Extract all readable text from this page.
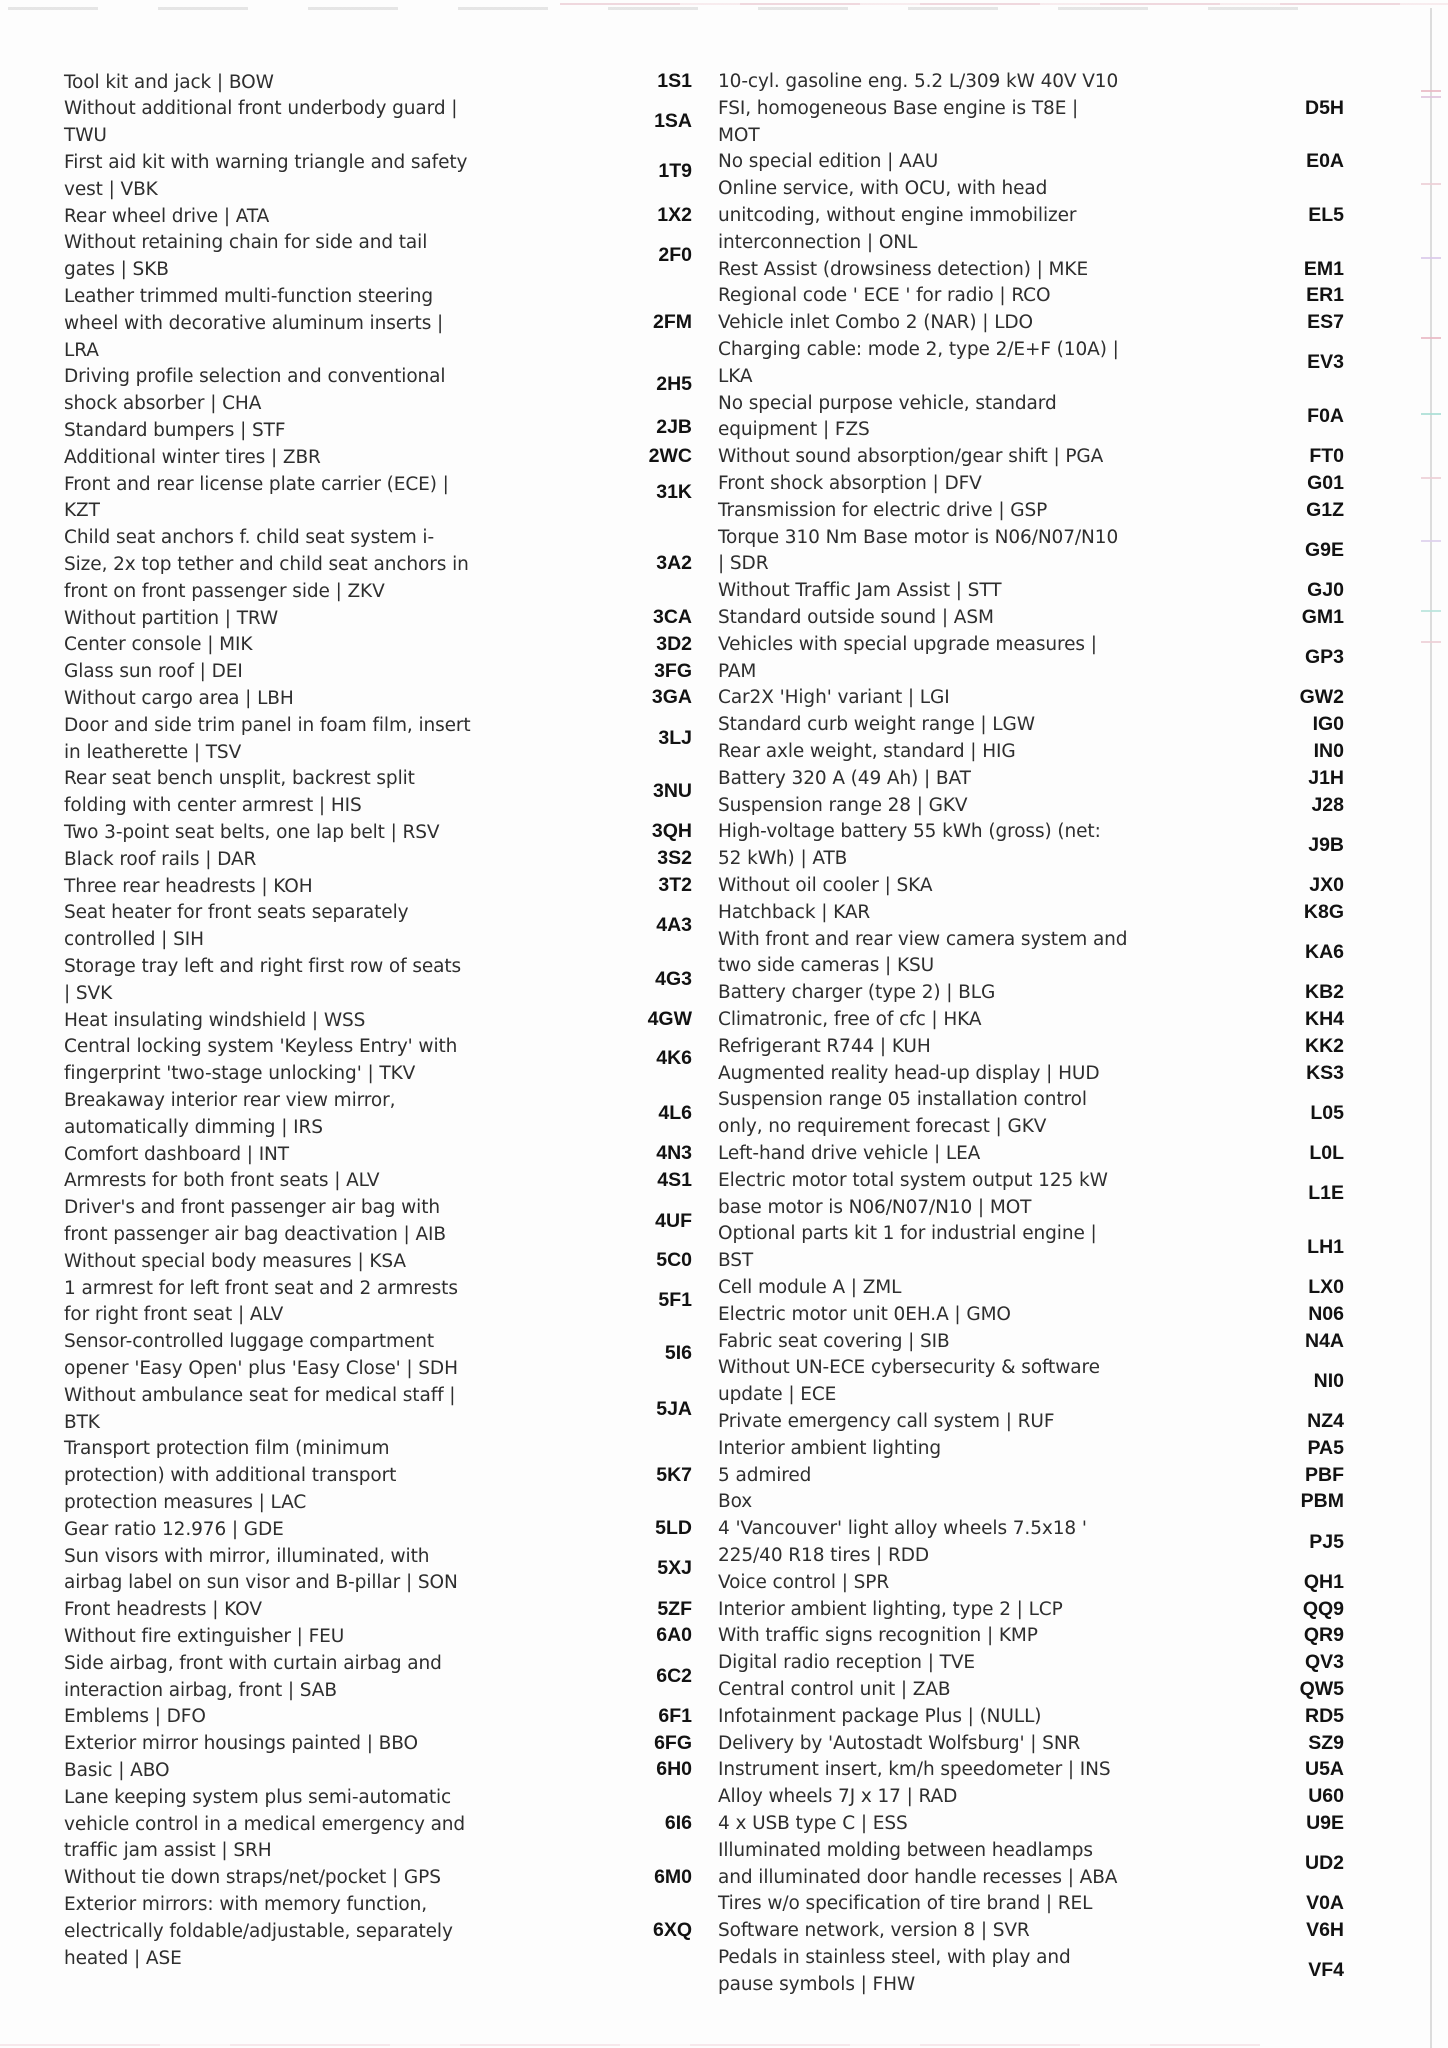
Tool kit and jack | BOW
Without additional front underbody guard |
TWU
First aid kit with warning triangle and safety
vest | VBK
Rear wheel drive | ATA
Without retaining chain for side and tail
gates | SKB
Leather trimmed multi-function steering
wheel with decorative aluminum inserts |
LRA
Driving profile selection and conventional
shock absorber | CHA
Standard bumpers | STF
Additional winter tires | ZBR
Front and rear license plate carrier (ECE) |
KZT
Child seat anchors f. child seat system i-
Size, 2x top tether and child seat anchors in
front on front passenger side | ZKV
Without partition | TRW
Center console | MIK
Glass sun roof | DEI
Without cargo area | LBH
Door and side trim panel in foam film, insert
in leatherette | TSV
Rear seat bench unsplit, backrest split
folding with center armrest | HIS
Two 3-point seat belts, one lap belt | RSV
Black roof rails | DAR
Three rear headrests | KOH
Seat heater for front seats separately
controlled | SIH
Storage tray left and right first row of seats
| SVK
Heat insulating windshield | WSS
Central locking system 'Keyless Entry' with
fingerprint 'two-stage unlocking' | TKV
Breakaway interior rear view mirror,
automatically dimming | IRS
Comfort dashboard | INT
Armrests for both front seats | ALV
Driver's and front passenger air bag with
front passenger air bag deactivation | AIB
Without special body measures | KSA
1 armrest for left front seat and 2 armrests
for right front seat | ALV
Sensor-controlled luggage compartment
opener 'Easy Open' plus 'Easy Close' | SDH
Without ambulance seat for medical staff |
BTK
Transport protection film (minimum
protection) with additional transport
protection measures | LAC
Gear ratio 12.976 | GDE
Sun visors with mirror, illuminated, with
airbag label on sun visor and B-pillar | SON
Front headrests | KOV
Without fire extinguisher | FEU
Side airbag, front with curtain airbag and
interaction airbag, front | SAB
Emblems | DFO
Exterior mirror housings painted | BBO
Basic | ABO
Lane keeping system plus semi-automatic
vehicle control in a medical emergency and
traffic jam assist | SRH
Without tie down straps/net/pocket | GPS
Exterior mirrors: with memory function,
electrically foldable/adjustable, separately
heated | ASE
1S1
1SA
1T9
1X2
2F0
2FM
2H5
2JB
2WC
31K
3A2
3CA
3D2
3FG
3GA
3LJ
3NU
3QH
3S2
3T2
4A3
4G3
4GW
4K6
4L6
4N3
4S1
4UF
5C0
5F1
5I6
5JA
5K7
5LD
5XJ
5ZF
6A0
6C2
6F1
6FG
6H0
6I6
6M0
6XQ
10-cyl. gasoline eng. 5.2 L/309 kW 40V V10
FSI, homogeneous Base engine is T8E |
MOT
No special edition | AAU
Online service, with OCU, with head
unitcoding, without engine immobilizer
interconnection | ONL
Rest Assist (drowsiness detection) | MKE
Regional code ' ECE ' for radio | RCO
Vehicle inlet Combo 2 (NAR) | LDO
Charging cable: mode 2, type 2/E+F (10A) |
LKA
No special purpose vehicle, standard
equipment | FZS
Without sound absorption/gear shift | PGA
Front shock absorption | DFV
Transmission for electric drive | GSP
Torque 310 Nm Base motor is N06/N07/N10
| SDR
Without Traffic Jam Assist | STT
Standard outside sound | ASM
Vehicles with special upgrade measures |
PAM
Car2X 'High' variant | LGI
Standard curb weight range | LGW
Rear axle weight, standard | HIG
Battery 320 A (49 Ah) | BAT
Suspension range 28 | GKV
High-voltage battery 55 kWh (gross) (net:
52 kWh) | ATB
Without oil cooler | SKA
Hatchback | KAR
With front and rear view camera system and
two side cameras | KSU
Battery charger (type 2) | BLG
Climatronic, free of cfc | HKA
Refrigerant R744 | KUH
Augmented reality head-up display | HUD
Suspension range 05 installation control
only, no requirement forecast | GKV
Left-hand drive vehicle | LEA
Electric motor total system output 125 kW
base motor is N06/N07/N10 | MOT
Optional parts kit 1 for industrial engine |
BST
Cell module A | ZML
Electric motor unit 0EH.A | GMO
Fabric seat covering | SIB
Without UN-ECE cybersecurity & software
update | ECE
Private emergency call system | RUF
Interior ambient lighting
5 admired
Box
4 'Vancouver' light alloy wheels 7.5x18 '
225/40 R18 tires | RDD
Voice control | SPR
Interior ambient lighting, type 2 | LCP
With traffic signs recognition | KMP
Digital radio reception | TVE
Central control unit | ZAB
Infotainment package Plus | (NULL)
Delivery by 'Autostadt Wolfsburg' | SNR
Instrument insert, km/h speedometer | INS
Alloy wheels 7J x 17 | RAD
4 x USB type C | ESS
Illuminated molding between headlamps
and illuminated door handle recesses | ABA
Tires w/o specification of tire brand | REL
Software network, version 8 | SVR
Pedals in stainless steel, with play and
pause symbols | FHW
D5H
E0A
EL5
EM1
ER1
ES7
EV3
F0A
FT0
G01
G1Z
G9E
GJ0
GM1
GP3
GW2
IG0
IN0
J1H
J28
J9B
JX0
K8G
KA6
KB2
KH4
KK2
KS3
L05
L0L
L1E
LH1
LX0
N06
N4A
NI0
NZ4
PA5
PBF
PBM
PJ5
QH1
QQ9
QR9
QV3
QW5
RD5
SZ9
U5A
U60
U9E
UD2
V0A
V6H
VF4
